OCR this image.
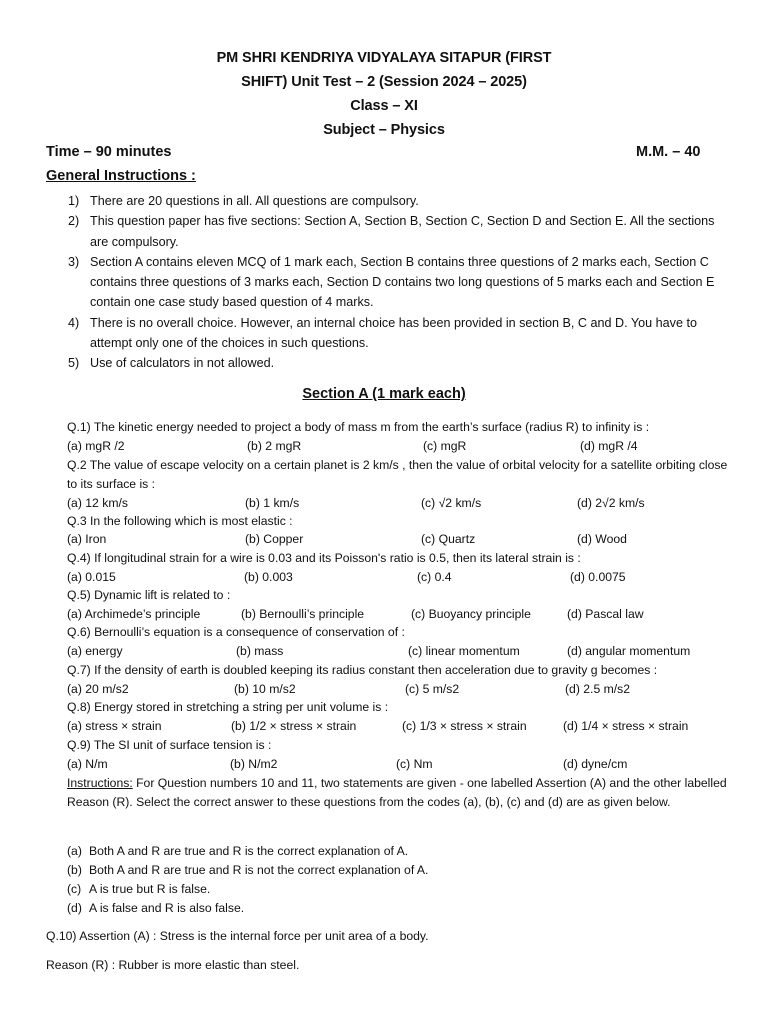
PM SHRI KENDRIYA VIDYALAYA SITAPUR (FIRST
SHIFT) Unit Test – 2 (Session 2024 – 2025)
Class – XI
Subject – Physics
Time – 90 minutes	M.M. – 40
General Instructions :
1) There are 20 questions in all. All questions are compulsory.
2) This question paper has five sections: Section A, Section B, Section C, Section D and Section E. All the sections are compulsory.
3) Section A contains eleven MCQ of 1 mark each, Section B contains three questions of 2 marks each, Section C contains three questions of 3 marks each, Section D contains two long questions of 5 marks each and Section E contain one case study based question of 4 marks.
4) There is no overall choice. However, an internal choice has been provided in section B, C and D. You have to attempt only one of the choices in such questions.
5) Use of calculators in not allowed.
Section A (1 mark each)
Q.1) The kinetic energy needed to project a body of mass m from the earth’s surface (radius R) to infinity is :
(a) mgR /2	(b) 2 mgR	(c) mgR	(d) mgR /4
Q.2 The value of escape velocity on a certain planet is 2 km/s , then the value of orbital velocity for a satellite orbiting close to its surface is :
(a) 12 km/s	(b) 1 km/s	(c) √2 km/s	(d) 2√2 km/s
Q.3 In the following which is most elastic :
(a) Iron	(b) Copper	(c) Quartz	(d) Wood
Q.4) If longitudinal strain for a wire is 0.03 and its Poisson's ratio is 0.5, then its lateral strain is :
(a) 0.015	(b) 0.003	(c) 0.4	(d) 0.0075
Q.5) Dynamic lift is related to :
(a) Archimede’s principle	(b) Bernoulli’s principle	(c) Buoyancy principle	(d) Pascal law
Q.6) Bernoulli’s equation is a consequence of conservation of :
(a) energy	(b) mass	(c) linear momentum	(d) angular momentum
Q.7) If the density of earth is doubled keeping its radius constant then acceleration due to gravity g becomes :
(a) 20 m/s2	(b) 10 m/s2	(c) 5 m/s2	(d) 2.5 m/s2
Q.8) Energy stored in stretching a string per unit volume is :
(a) stress × strain	(b) 1/2 × stress × strain	(c) 1/3 × stress × strain	(d) 1/4 × stress × strain
Q.9) The SI unit of surface tension is :
(a) N/m	(b) N/m2	(c) Nm	(d) dyne/cm
Instructions: For Question numbers 10 and 11, two statements are given - one labelled Assertion (A) and the other labelled Reason (R). Select the correct answer to these questions from the codes (a), (b), (c) and (d) are as given below.
(a) Both A and R are true and R is the correct explanation of A.
(b) Both A and R are true and R is not the correct explanation of A.
(c) A is true but R is false.
(d) A is false and R is also false.
Q.10) Assertion (A) : Stress is the internal force per unit area of a body.
Reason (R) : Rubber is more elastic than steel.
